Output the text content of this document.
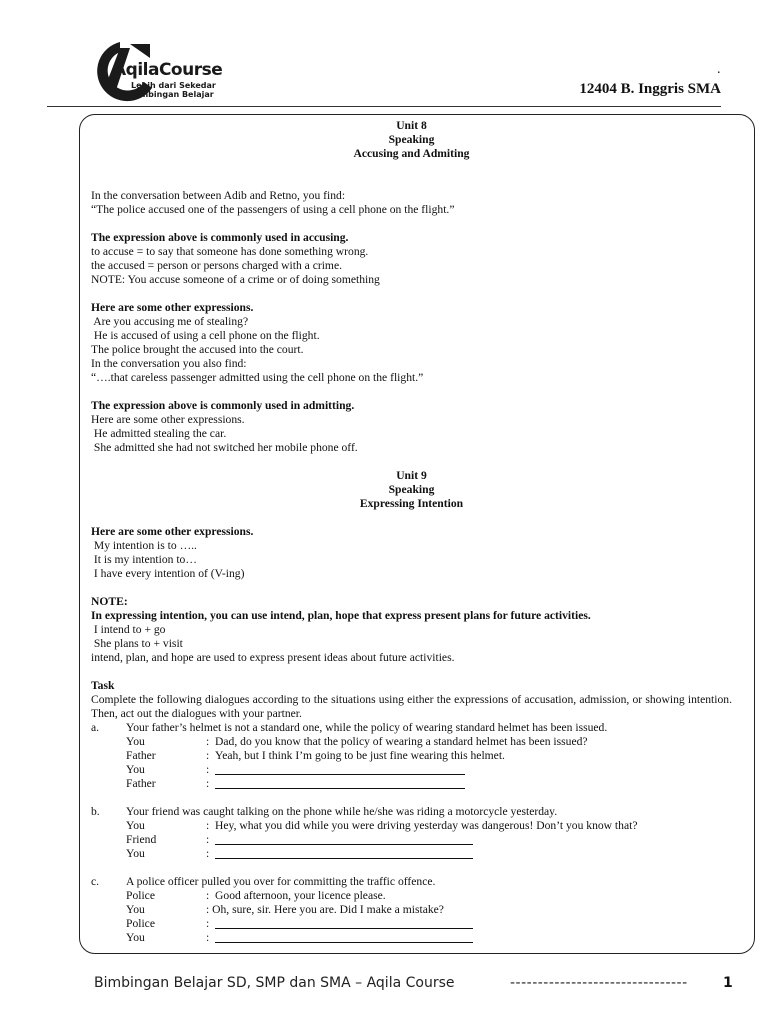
AqilaCourse
Lebih dari Sekedar
Bimbingan Belajar
.
12404 B. Inggris SMA
Unit 8
Speaking
Accusing and Admiting
In the conversation between Adib and Retno, you find:
“The police accused one of the passengers of using a cell phone on the flight.”
The expression above is commonly used in accusing.
to accuse = to say that someone has done something wrong.
the accused = person or persons charged with a crime.
NOTE: You accuse someone of a crime or of doing something
Here are some other expressions.
Are you accusing me of stealing?
He is accused of using a cell phone on the flight.
The police brought the accused into the court.
In the conversation you also find:
“….that careless passenger admitted using the cell phone on the flight.”
The expression above is commonly used in admitting.
Here are some other expressions.
He admitted stealing the car.
She admitted she had not switched her mobile phone off.
Unit 9
Speaking
Expressing Intention
Here are some other expressions.
My intention is to …..
It is my intention to…
I have every intention of (V-ing)
NOTE:
In expressing intention, you can use intend, plan, hope that express present plans for future activities.
I intend to + go
She plans to + visit
intend, plan, and hope are used to express present ideas about future activities.
Task
Complete the following dialogues according to the situations using either the expressions of accusation, admission, or showing intention. Then, act out the dialogues with your partner.
a. Your father’s helmet is not a standard one, while the policy of wearing standard helmet has been issued.
You	: Dad, do you know that the policy of wearing a standard helmet has been issued?
Father	: Yeah, but I think I’m going to be just fine wearing this helmet.
You	:
Father	:
b. Your friend was caught talking on the phone while he/she was riding a motorcycle yesterday.
You	: Hey, what you did while you were driving yesterday was dangerous! Don’t you know that?
Friend	:
You	:
c. A police officer pulled you over for committing the traffic offence.
Police	: Good afternoon, your licence please.
You	: Oh, sure, sir. Here you are. Did I make a mistake?
Police	:
You	:
Bimbingan Belajar SD, SMP dan SMA – Aqila Course	--------------------------------	1
